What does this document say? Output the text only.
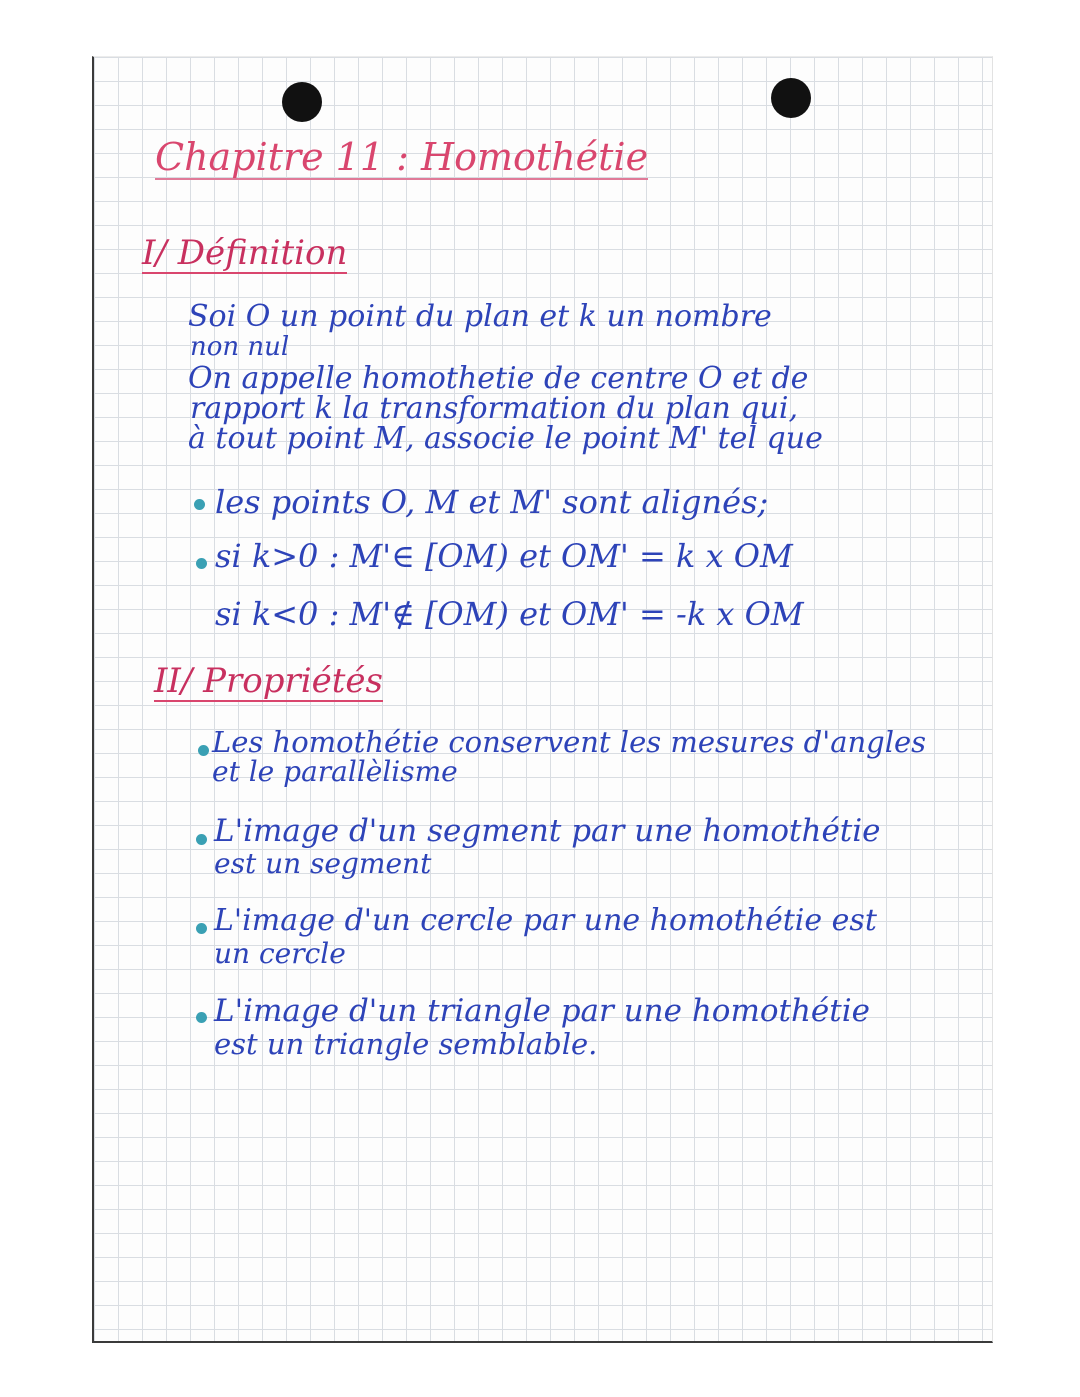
Chapitre 11 : Homothétie
I/ Définition
Soi O un point du plan et k un nombre
non nul
On appelle homothetie de centre O et de
rapport k la transformation du plan qui,
à tout point M, associe le point M' tel que
les points O, M et M' sont alignés;
si k>0 : M'∈ [OM) et OM' = k x OM
si k<0 : M'∉ [OM) et OM' = -k x OM
II/ Propriétés
Les homothétie conservent les mesures d'angles
et le parallèlisme
L'image d'un segment par une homothétie
est un segment
L'image d'un cercle par une homothétie est
un cercle
L'image d'un triangle par une homothétie
est un triangle semblable.
